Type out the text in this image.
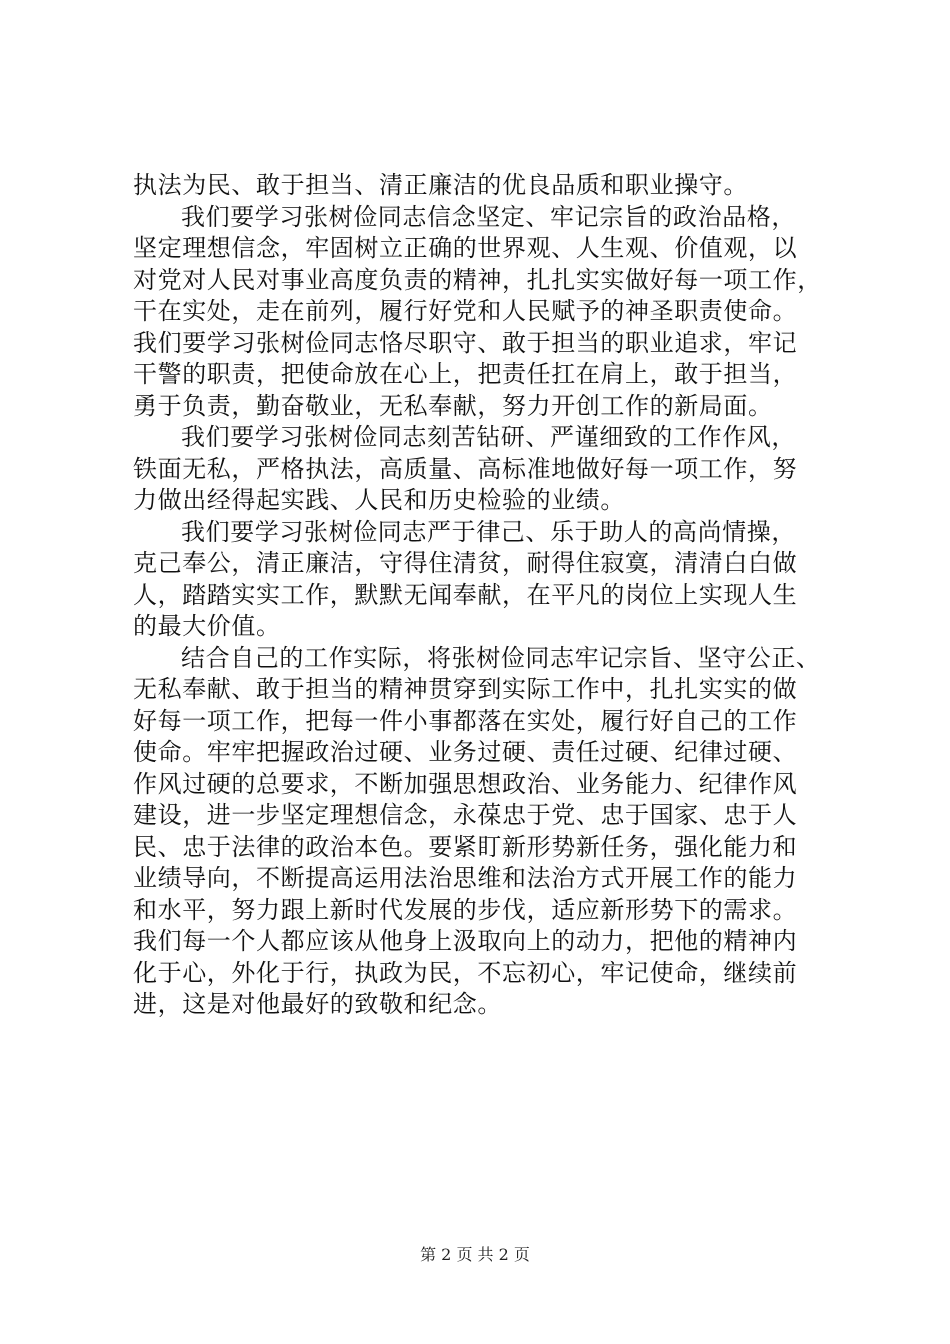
执法为民、敢于担当、清正廉洁的优良品质和职业操守。
我们要学习张树俭同志信念坚定、牢记宗旨的政治品格，
坚定理想信念，牢固树立正确的世界观、人生观、价值观，以
对党对人民对事业高度负责的精神，扎扎实实做好每一项工作，
干在实处，走在前列，履行好党和人民赋予的神圣职责使命。
我们要学习张树俭同志恪尽职守、敢于担当的职业追求，牢记
干警的职责，把使命放在心上，把责任扛在肩上，敢于担当，
勇于负责，勤奋敬业，无私奉献，努力开创工作的新局面。
我们要学习张树俭同志刻苦钻研、严谨细致的工作作风，
铁面无私，严格执法，高质量、高标准地做好每一项工作，努
力做出经得起实践、人民和历史检验的业绩。
我们要学习张树俭同志严于律己、乐于助人的高尚情操，
克己奉公，清正廉洁，守得住清贫，耐得住寂寞，清清白白做
人，踏踏实实工作，默默无闻奉献，在平凡的岗位上实现人生
的最大价值。
结合自己的工作实际，将张树俭同志牢记宗旨、坚守公正、
无私奉献、敢于担当的精神贯穿到实际工作中，扎扎实实的做
好每一项工作，把每一件小事都落在实处，履行好自己的工作
使命。牢牢把握政治过硬、业务过硬、责任过硬、纪律过硬、
作风过硬的总要求，不断加强思想政治、业务能力、纪律作风
建设，进一步坚定理想信念，永葆忠于党、忠于国家、忠于人
民、忠于法律的政治本色。要紧盯新形势新任务，强化能力和
业绩导向，不断提高运用法治思维和法治方式开展工作的能力
和水平，努力跟上新时代发展的步伐，适应新形势下的需求。
我们每一个人都应该从他身上汲取向上的动力，把他的精神内
化于心，外化于行，执政为民，不忘初心，牢记使命，继续前
进，这是对他最好的致敬和纪念。
第 2 页 共 2 页
